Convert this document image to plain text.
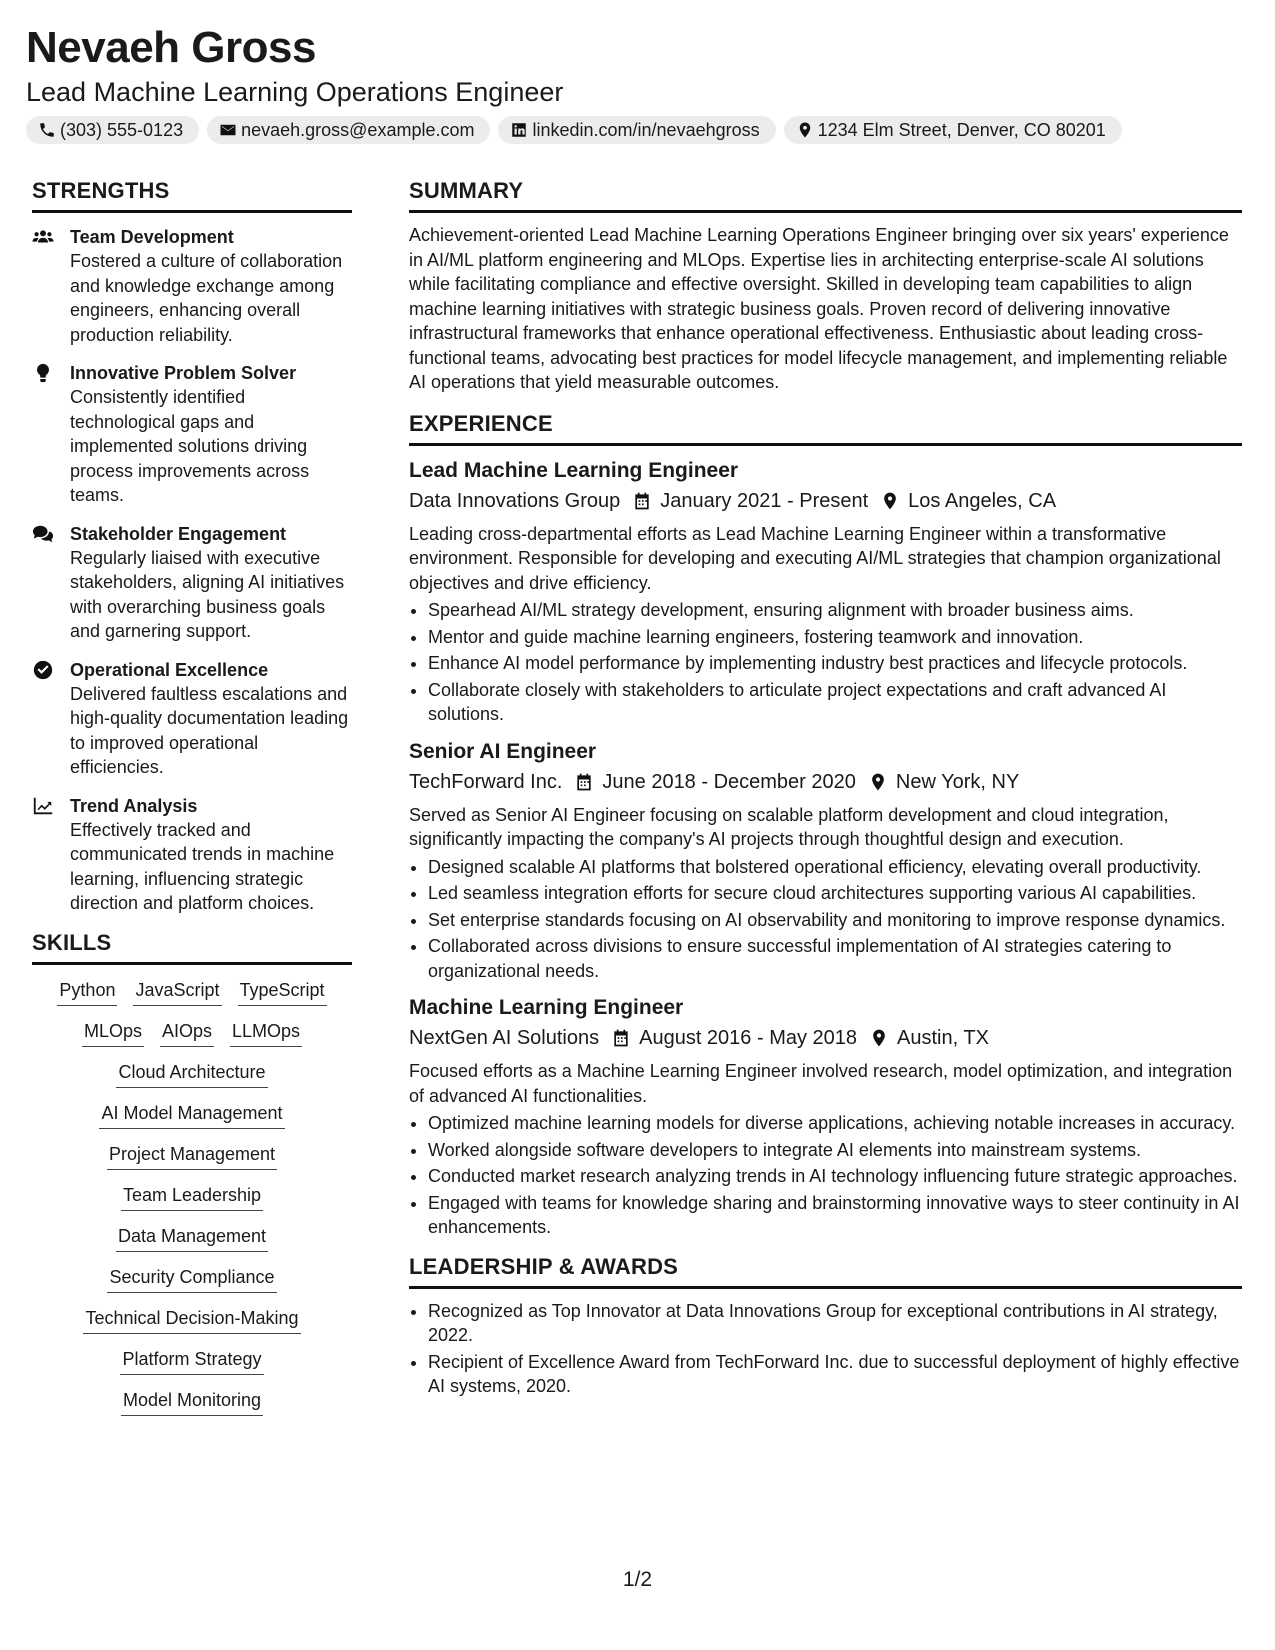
Nevaeh Gross
Lead Machine Learning Operations Engineer
(303) 555-0123	nevaeh.gross@example.com	linkedin.com/in/nevaehgross	1234 Elm Street, Denver, CO 80201
STRENGTHS
Team Development
Fostered a culture of collaboration and knowledge exchange among engineers, enhancing overall production reliability.
Innovative Problem Solver
Consistently identified technological gaps and implemented solutions driving process improvements across teams.
Stakeholder Engagement
Regularly liaised with executive stakeholders, aligning AI initiatives with overarching business goals and garnering support.
Operational Excellence
Delivered faultless escalations and high-quality documentation leading to improved operational efficiencies.
Trend Analysis
Effectively tracked and communicated trends in machine learning, influencing strategic direction and platform choices.
SKILLS
Python JavaScript TypeScript
MLOps AIOps LLMOps
Cloud Architecture
AI Model Management
Project Management
Team Leadership
Data Management
Security Compliance
Technical Decision-Making
Platform Strategy
Model Monitoring
SUMMARY

Achievement-oriented Lead Machine Learning Operations Engineer bringing over six years' experience in AI/ML platform engineering and MLOps. Expertise lies in architecting enterprise-scale AI solutions while facilitating compliance and effective oversight. Skilled in developing team capabilities to align machine learning initiatives with strategic business goals. Proven record of delivering innovative infrastructural frameworks that enhance operational effectiveness. Enthusiastic about leading cross-functional teams, advocating best practices for model lifecycle management, and implementing reliable AI operations that yield measurable outcomes.

EXPERIENCE
Lead Machine Learning Engineer
Data Innovations Group January 2021 - Present Los Angeles, CA

Leading cross-departmental efforts as Lead Machine Learning Engineer within a transformative environment. Responsible for developing and executing AI/ML strategies that champion organizational objectives and drive efficiency.

• Spearhead AI/ML strategy development, ensuring alignment with broader business aims.
• Mentor and guide machine learning engineers, fostering teamwork and innovation.
• Enhance AI model performance by implementing industry best practices and lifecycle protocols.
• Collaborate closely with stakeholders to articulate project expectations and craft advanced AI solutions.
Senior AI Engineer
TechForward Inc. June 2018 - December 2020 New York, NY

Served as Senior AI Engineer focusing on scalable platform development and cloud integration, significantly impacting the company's AI projects through thoughtful design and execution.

• Designed scalable AI platforms that bolstered operational efficiency, elevating overall productivity.
• Led seamless integration efforts for secure cloud architectures supporting various AI capabilities.
• Set enterprise standards focusing on AI observability and monitoring to improve response dynamics.
• Collaborated across divisions to ensure successful implementation of AI strategies catering to organizational needs.
Machine Learning Engineer
NextGen AI Solutions August 2016 - May 2018 Austin, TX

Focused efforts as a Machine Learning Engineer involved research, model optimization, and integration of advanced AI functionalities.

• Optimized machine learning models for diverse applications, achieving notable increases in accuracy.
• Worked alongside software developers to integrate AI elements into mainstream systems.
• Conducted market research analyzing trends in AI technology influencing future strategic approaches.
• Engaged with teams for knowledge sharing and brainstorming innovative ways to steer continuity in AI enhancements.
LEADERSHIP & AWARDS
• Recognized as Top Innovator at Data Innovations Group for exceptional contributions in AI strategy, 2022.
• Recipient of Excellence Award from TechForward Inc. due to successful deployment of highly effective AI systems, 2020.
1/2
